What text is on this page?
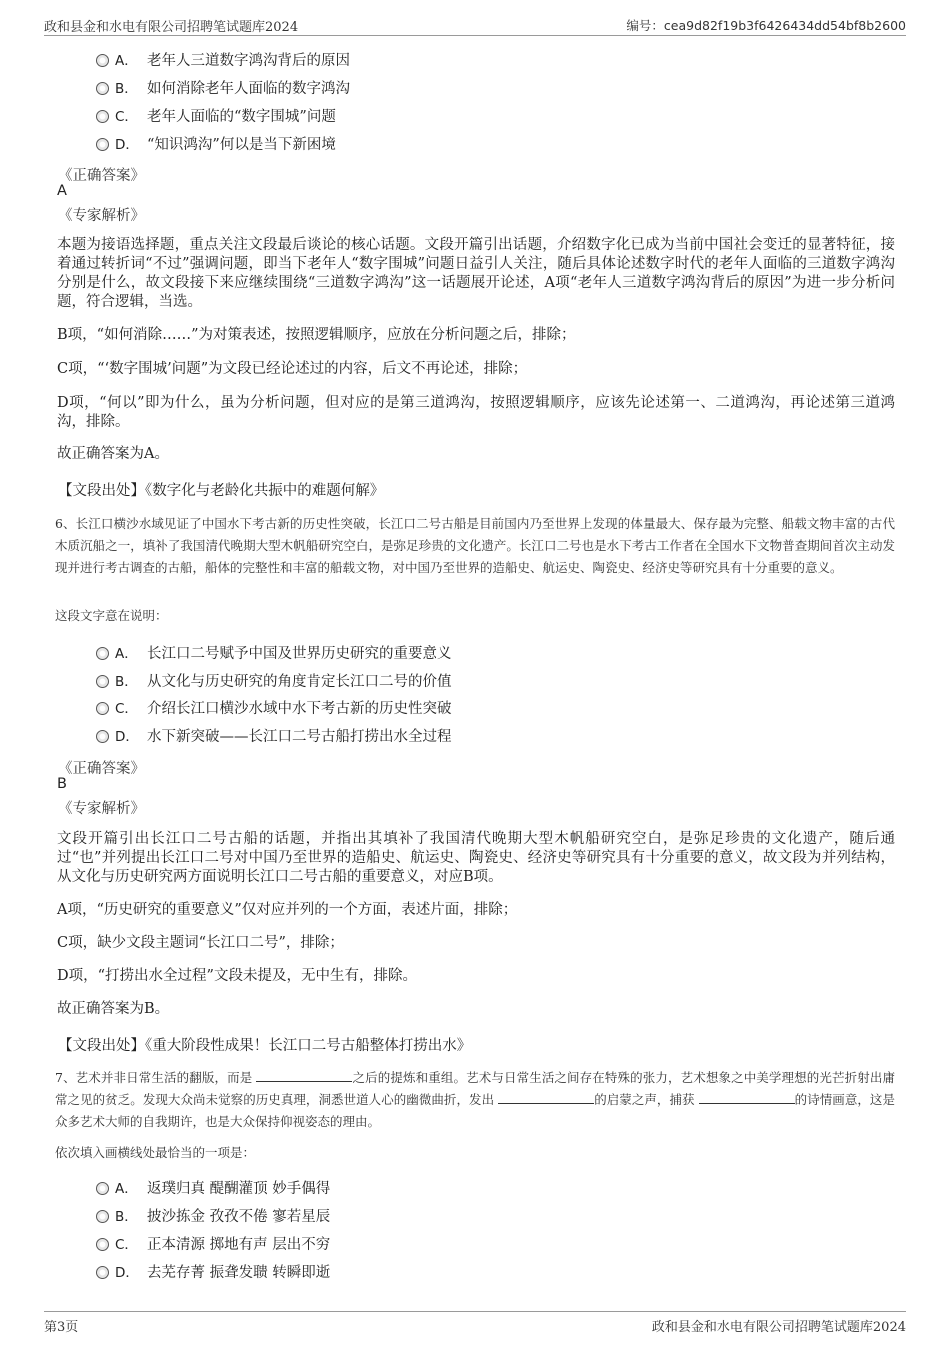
政和县金和水电有限公司招聘笔试题库2024	编号：cea9d82f19b3f6426434dd54bf8b2600
A． 老年人三道数字鸿沟背后的原因
B． 如何消除老年人面临的数字鸿沟
C． 老年人面临的“数字围城”问题
D． “知识鸿沟”何以是当下新困境
《正确答案》
A
《专家解析》
本题为接语选择题，重点关注文段最后谈论的核心话题。文段开篇引出话题，介绍数字化已成为当前中国社会变迁的显著特征，接着通过转折词“不过”强调问题，即当下老年人“数字围城”问题日益引人关注，随后具体论述数字时代的老年人面临的三道数字鸿沟分别是什么，故文段接下来应继续围绕“三道数字鸿沟”这一话题展开论述，A项“老年人三道数字鸿沟背后的原因”为进一步分析问题，符合逻辑，当选。
B项，“如何消除……”为对策表述，按照逻辑顺序，应放在分析问题之后，排除；
C项，“‘数字围城’问题”为文段已经论述过的内容，后文不再论述，排除；
D项，“何以”即为什么，虽为分析问题，但对应的是第三道鸿沟，按照逻辑顺序，应该先论述第一、二道鸿沟，再论述第三道鸿沟，排除。
故正确答案为A。
【文段出处】《数字化与老龄化共振中的难题何解》
6、长江口横沙水域见证了中国水下考古新的历史性突破，长江口二号古船是目前国内乃至世界上发现的体量最大、保存最为完整、船载文物丰富的古代木质沉船之一，填补了我国清代晚期大型木帆船研究空白，是弥足珍贵的文化遗产。长江口二号也是水下考古工作者在全国水下文物普查期间首次主动发现并进行考古调查的古船，船体的完整性和丰富的船载文物，对中国乃至世界的造船史、航运史、陶瓷史、经济史等研究具有十分重要的意义。
这段文字意在说明：
A． 长江口二号赋予中国及世界历史研究的重要意义
B． 从文化与历史研究的角度肯定长江口二号的价值
C． 介绍长江口横沙水域中水下考古新的历史性突破
D． 水下新突破——长江口二号古船打捞出水全过程
《正确答案》
B
《专家解析》
文段开篇引出长江口二号古船的话题，并指出其填补了我国清代晚期大型木帆船研究空白，是弥足珍贵的文化遗产，随后通过“也”并列提出长江口二号对中国乃至世界的造船史、航运史、陶瓷史、经济史等研究具有十分重要的意义，故文段为并列结构，从文化与历史研究两方面说明长江口二号古船的重要意义，对应B项。
A项，“历史研究的重要意义”仅对应并列的一个方面，表述片面，排除；
C项，缺少文段主题词“长江口二号”，排除；
D项，“打捞出水全过程”文段未提及，无中生有，排除。
故正确答案为B。
【文段出处】《重大阶段性成果！长江口二号古船整体打捞出水》
7、艺术并非日常生活的翻版，而是	之后的提炼和重组。艺术与日常生活之间存在特殊的张力，艺术想象之中美学理想的光芒折射出庸常之见的贫乏。发现大众尚未觉察的历史真理，洞悉世道人心的幽微曲折，发出	的启蒙之声，捕获	的诗情画意，这是众多艺术大师的自我期许，也是大众保持仰视姿态的理由。
依次填入画横线处最恰当的一项是：
A． 返璞归真 醍醐灌顶 妙手偶得
B． 披沙拣金 孜孜不倦 寥若星辰
C． 正本清源 掷地有声 层出不穷
D． 去芜存菁 振聋发聩 转瞬即逝
第3页	政和县金和水电有限公司招聘笔试题库2024
